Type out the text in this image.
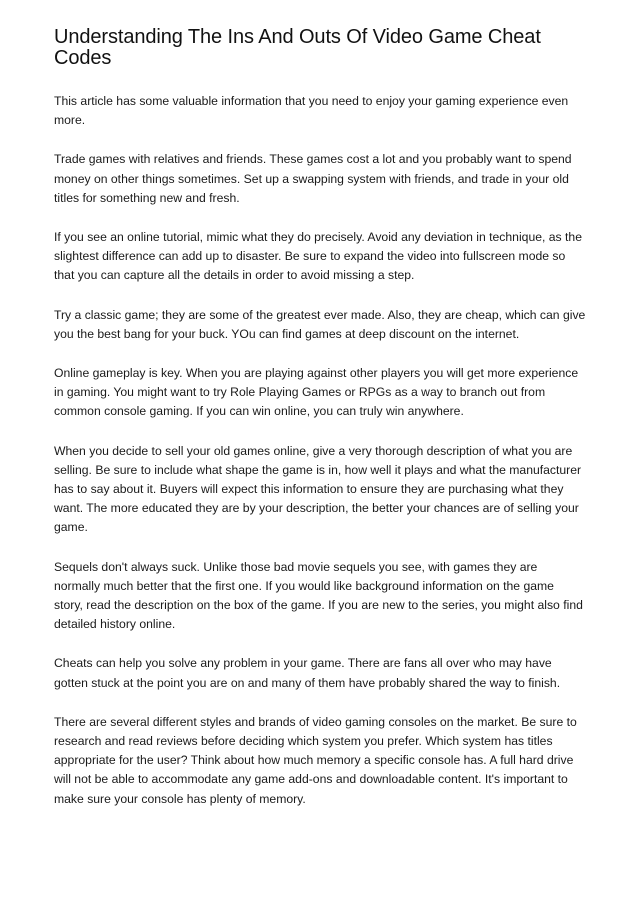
Understanding The Ins And Outs Of Video Game Cheat Codes

This article has some valuable information that you need to enjoy your gaming experience even more.

Trade games with relatives and friends. These games cost a lot and you probably want to spend money on other things sometimes. Set up a swapping system with friends, and trade in your old titles for something new and fresh.

If you see an online tutorial, mimic what they do precisely. Avoid any deviation in technique, as the slightest difference can add up to disaster. Be sure to expand the video into fullscreen mode so that you can capture all the details in order to avoid missing a step.

Try a classic game; they are some of the greatest ever made. Also, they are cheap, which can give you the best bang for your buck. YOu can find games at deep discount on the internet.

Online gameplay is key. When you are playing against other players you will get more experience in gaming. You might want to try Role Playing Games or RPGs as a way to branch out from common console gaming. If you can win online, you can truly win anywhere.

When you decide to sell your old games online, give a very thorough description of what you are selling. Be sure to include what shape the game is in, how well it plays and what the manufacturer has to say about it. Buyers will expect this information to ensure they are purchasing what they want. The more educated they are by your description, the better your chances are of selling your game.

Sequels don't always suck. Unlike those bad movie sequels you see, with games they are normally much better that the first one. If you would like background information on the game story, read the description on the box of the game. If you are new to the series, you might also find detailed history online.

Cheats can help you solve any problem in your game. There are fans all over who may have gotten stuck at the point you are on and many of them have probably shared the way to finish.

There are several different styles and brands of video gaming consoles on the market. Be sure to research and read reviews before deciding which system you prefer. Which system has titles appropriate for the user? Think about how much memory a specific console has. A full hard drive will not be able to accommodate any game add-ons and downloadable content. It's important to make sure your console has plenty of memory.
